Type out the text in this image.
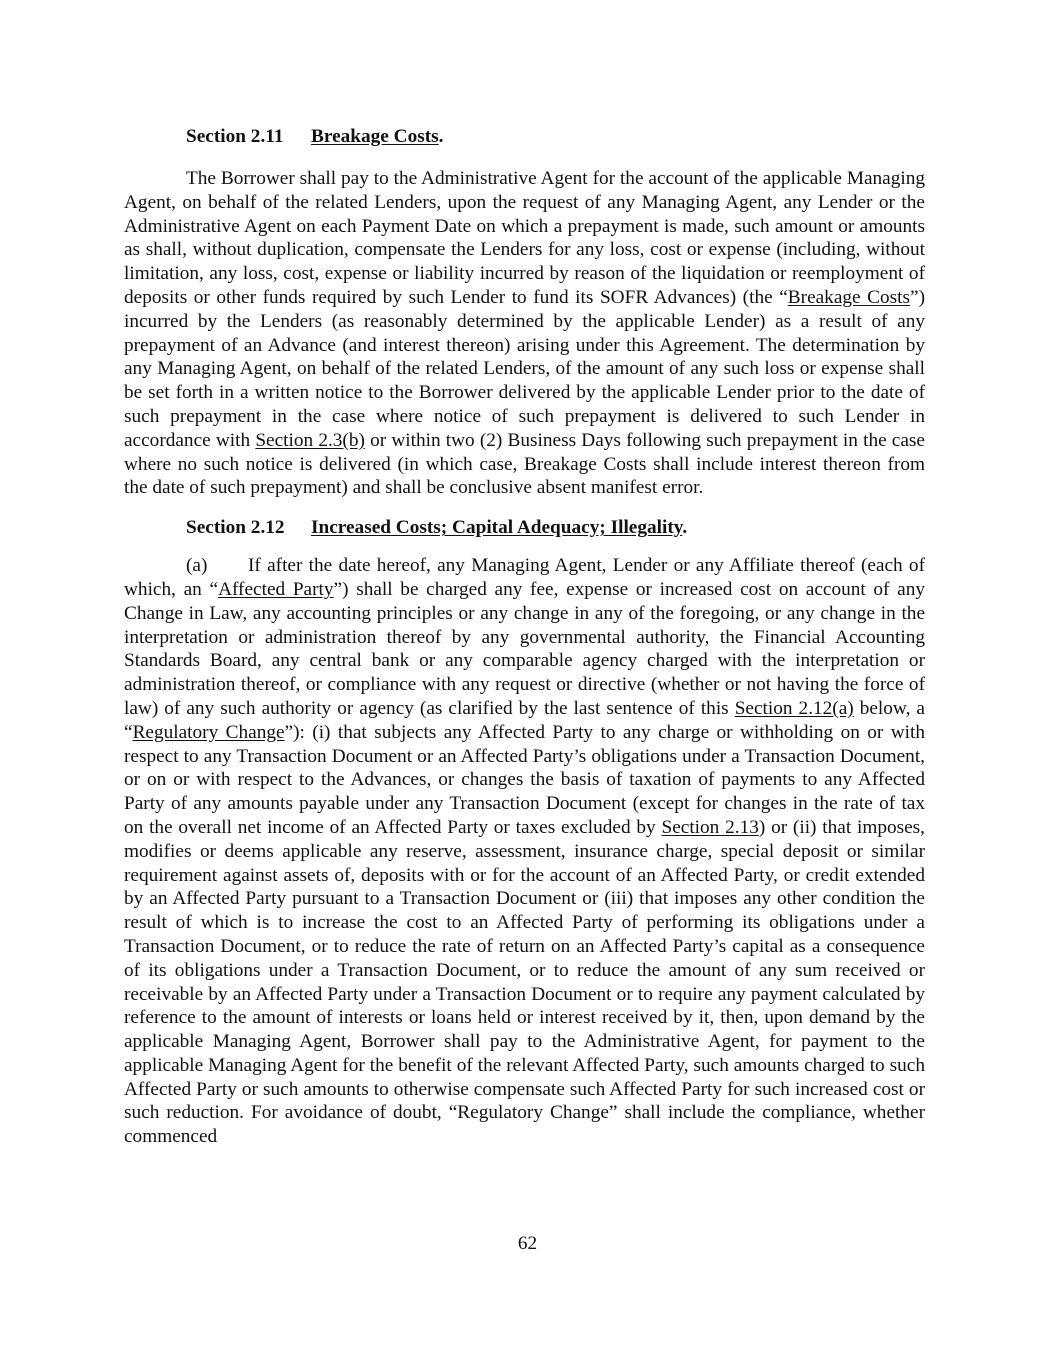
Section 2.11 Breakage Costs.

The Borrower shall pay to the Administrative Agent for the account of the applicable Managing Agent, on behalf of the related Lenders, upon the request of any Managing Agent, any Lender or the Administrative Agent on each Payment Date on which a prepayment is made, such amount or amounts as shall, without duplication, compensate the Lenders for any loss, cost or expense (including, without limitation, any loss, cost, expense or liability incurred by reason of the liquidation or reemployment of deposits or other funds required by such Lender to fund its SOFR Advances) (the “Breakage Costs”) incurred by the Lenders (as reasonably determined by the applicable Lender) as a result of any prepayment of an Advance (and interest thereon) arising under this Agreement. The determination by any Managing Agent, on behalf of the related Lenders, of the amount of any such loss or expense shall be set forth in a written notice to the Borrower delivered by the applicable Lender prior to the date of such prepayment in the case where notice of such prepayment is delivered to such Lender in accordance with Section 2.3(b) or within two (2) Business Days following such prepayment in the case where no such notice is delivered (in which case, Breakage Costs shall include interest thereon from the date of such prepayment) and shall be conclusive absent manifest error.

Section 2.12 Increased Costs; Capital Adequacy; Illegality.

(a) If after the date hereof, any Managing Agent, Lender or any Affiliate thereof (each of which, an “Affected Party”) shall be charged any fee, expense or increased cost on account of any Change in Law, any accounting principles or any change in any of the foregoing, or any change in the interpretation or administration thereof by any governmental authority, the Financial Accounting Standards Board, any central bank or any comparable agency charged with the interpretation or administration thereof, or compliance with any request or directive (whether or not having the force of law) of any such authority or agency (as clarified by the last sentence of this Section 2.12(a) below, a “Regulatory Change”): (i) that subjects any Affected Party to any charge or withholding on or with respect to any Transaction Document or an Affected Party’s obligations under a Transaction Document, or on or with respect to the Advances, or changes the basis of taxation of payments to any Affected Party of any amounts payable under any Transaction Document (except for changes in the rate of tax on the overall net income of an Affected Party or taxes excluded by Section 2.13) or (ii) that imposes, modifies or deems applicable any reserve, assessment, insurance charge, special deposit or similar requirement against assets of, deposits with or for the account of an Affected Party, or credit extended by an Affected Party pursuant to a Transaction Document or (iii) that imposes any other condition the result of which is to increase the cost to an Affected Party of performing its obligations under a Transaction Document, or to reduce the rate of return on an Affected Party’s capital as a consequence of its obligations under a Transaction Document, or to reduce the amount of any sum received or receivable by an Affected Party under a Transaction Document or to require any payment calculated by reference to the amount of interests or loans held or interest received by it, then, upon demand by the applicable Managing Agent, Borrower shall pay to the Administrative Agent, for payment to the applicable Managing Agent for the benefit of the relevant Affected Party, such amounts charged to such Affected Party or such amounts to otherwise compensate such Affected Party for such increased cost or such reduction. For avoidance of doubt, “Regulatory Change” shall include the compliance, whether commenced

62
